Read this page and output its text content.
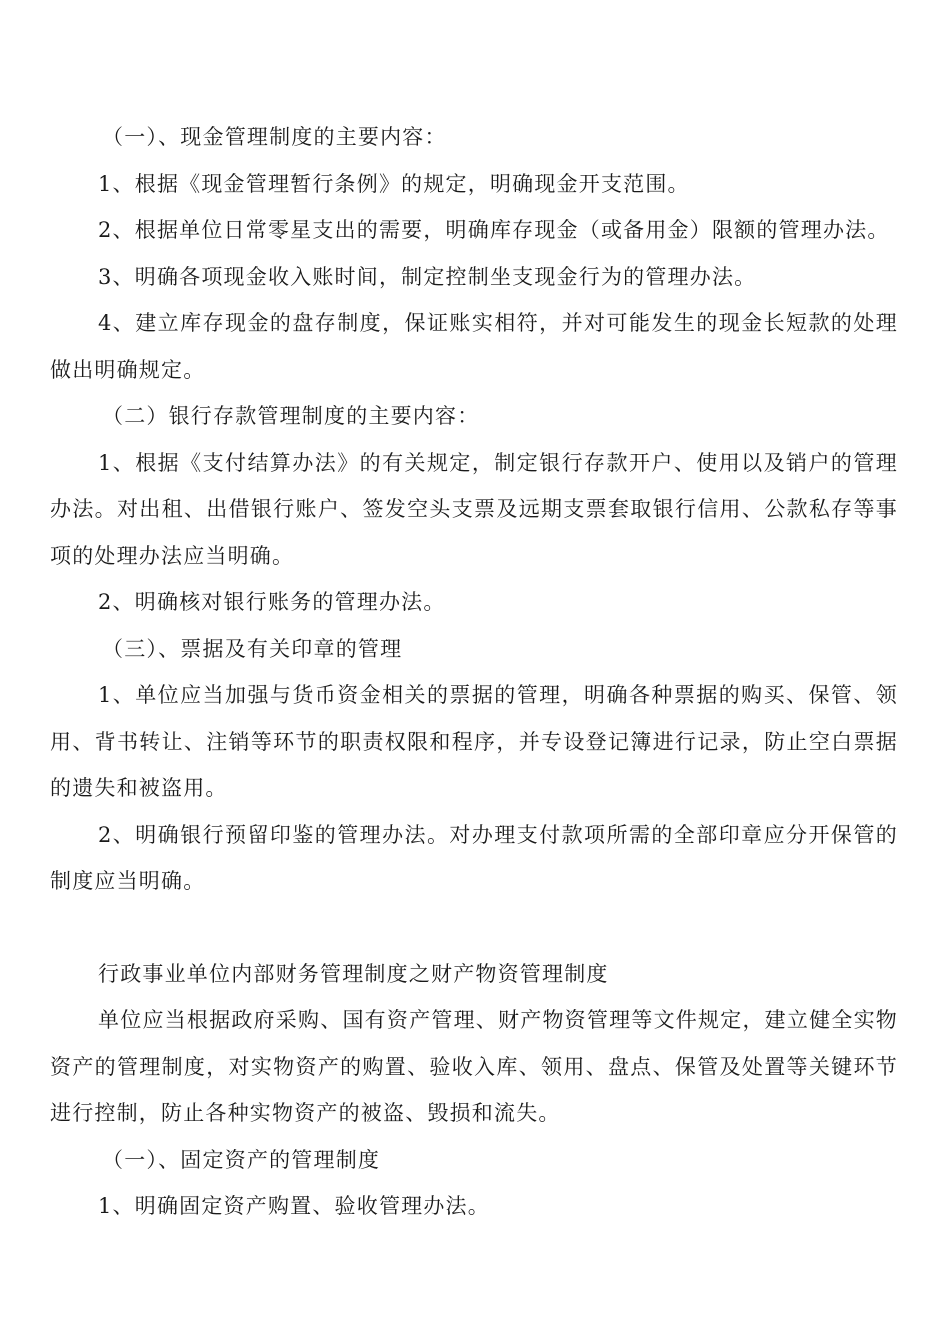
（一）、现金管理制度的主要内容：

1、根据《现金管理暂行条例》的规定，明确现金开支范围。

2、根据单位日常零星支出的需要，明确库存现金（或备用金）限额的管理办法。

3、明确各项现金收入账时间，制定控制坐支现金行为的管理办法。

4、建立库存现金的盘存制度，保证账实相符，并对可能发生的现金长短款的处理做出明确规定。

（二）银行存款管理制度的主要内容：

1、根据《支付结算办法》的有关规定，制定银行存款开户、使用以及销户的管理办法。对出租、出借银行账户、签发空头支票及远期支票套取银行信用、公款私存等事项的处理办法应当明确。

2、明确核对银行账务的管理办法。

（三）、票据及有关印章的管理

1、单位应当加强与货币资金相关的票据的管理，明确各种票据的购买、保管、领用、背书转让、注销等环节的职责权限和程序，并专设登记簿进行记录，防止空白票据的遗失和被盗用。

2、明确银行预留印鉴的管理办法。对办理支付款项所需的全部印章应分开保管的制度应当明确。

行政事业单位内部财务管理制度之财产物资管理制度

单位应当根据政府采购、国有资产管理、财产物资管理等文件规定，建立健全实物资产的管理制度，对实物资产的购置、验收入库、领用、盘点、保管及处置等关键环节进行控制，防止各种实物资产的被盗、毁损和流失。

（一）、固定资产的管理制度

1、明确固定资产购置、验收管理办法。
